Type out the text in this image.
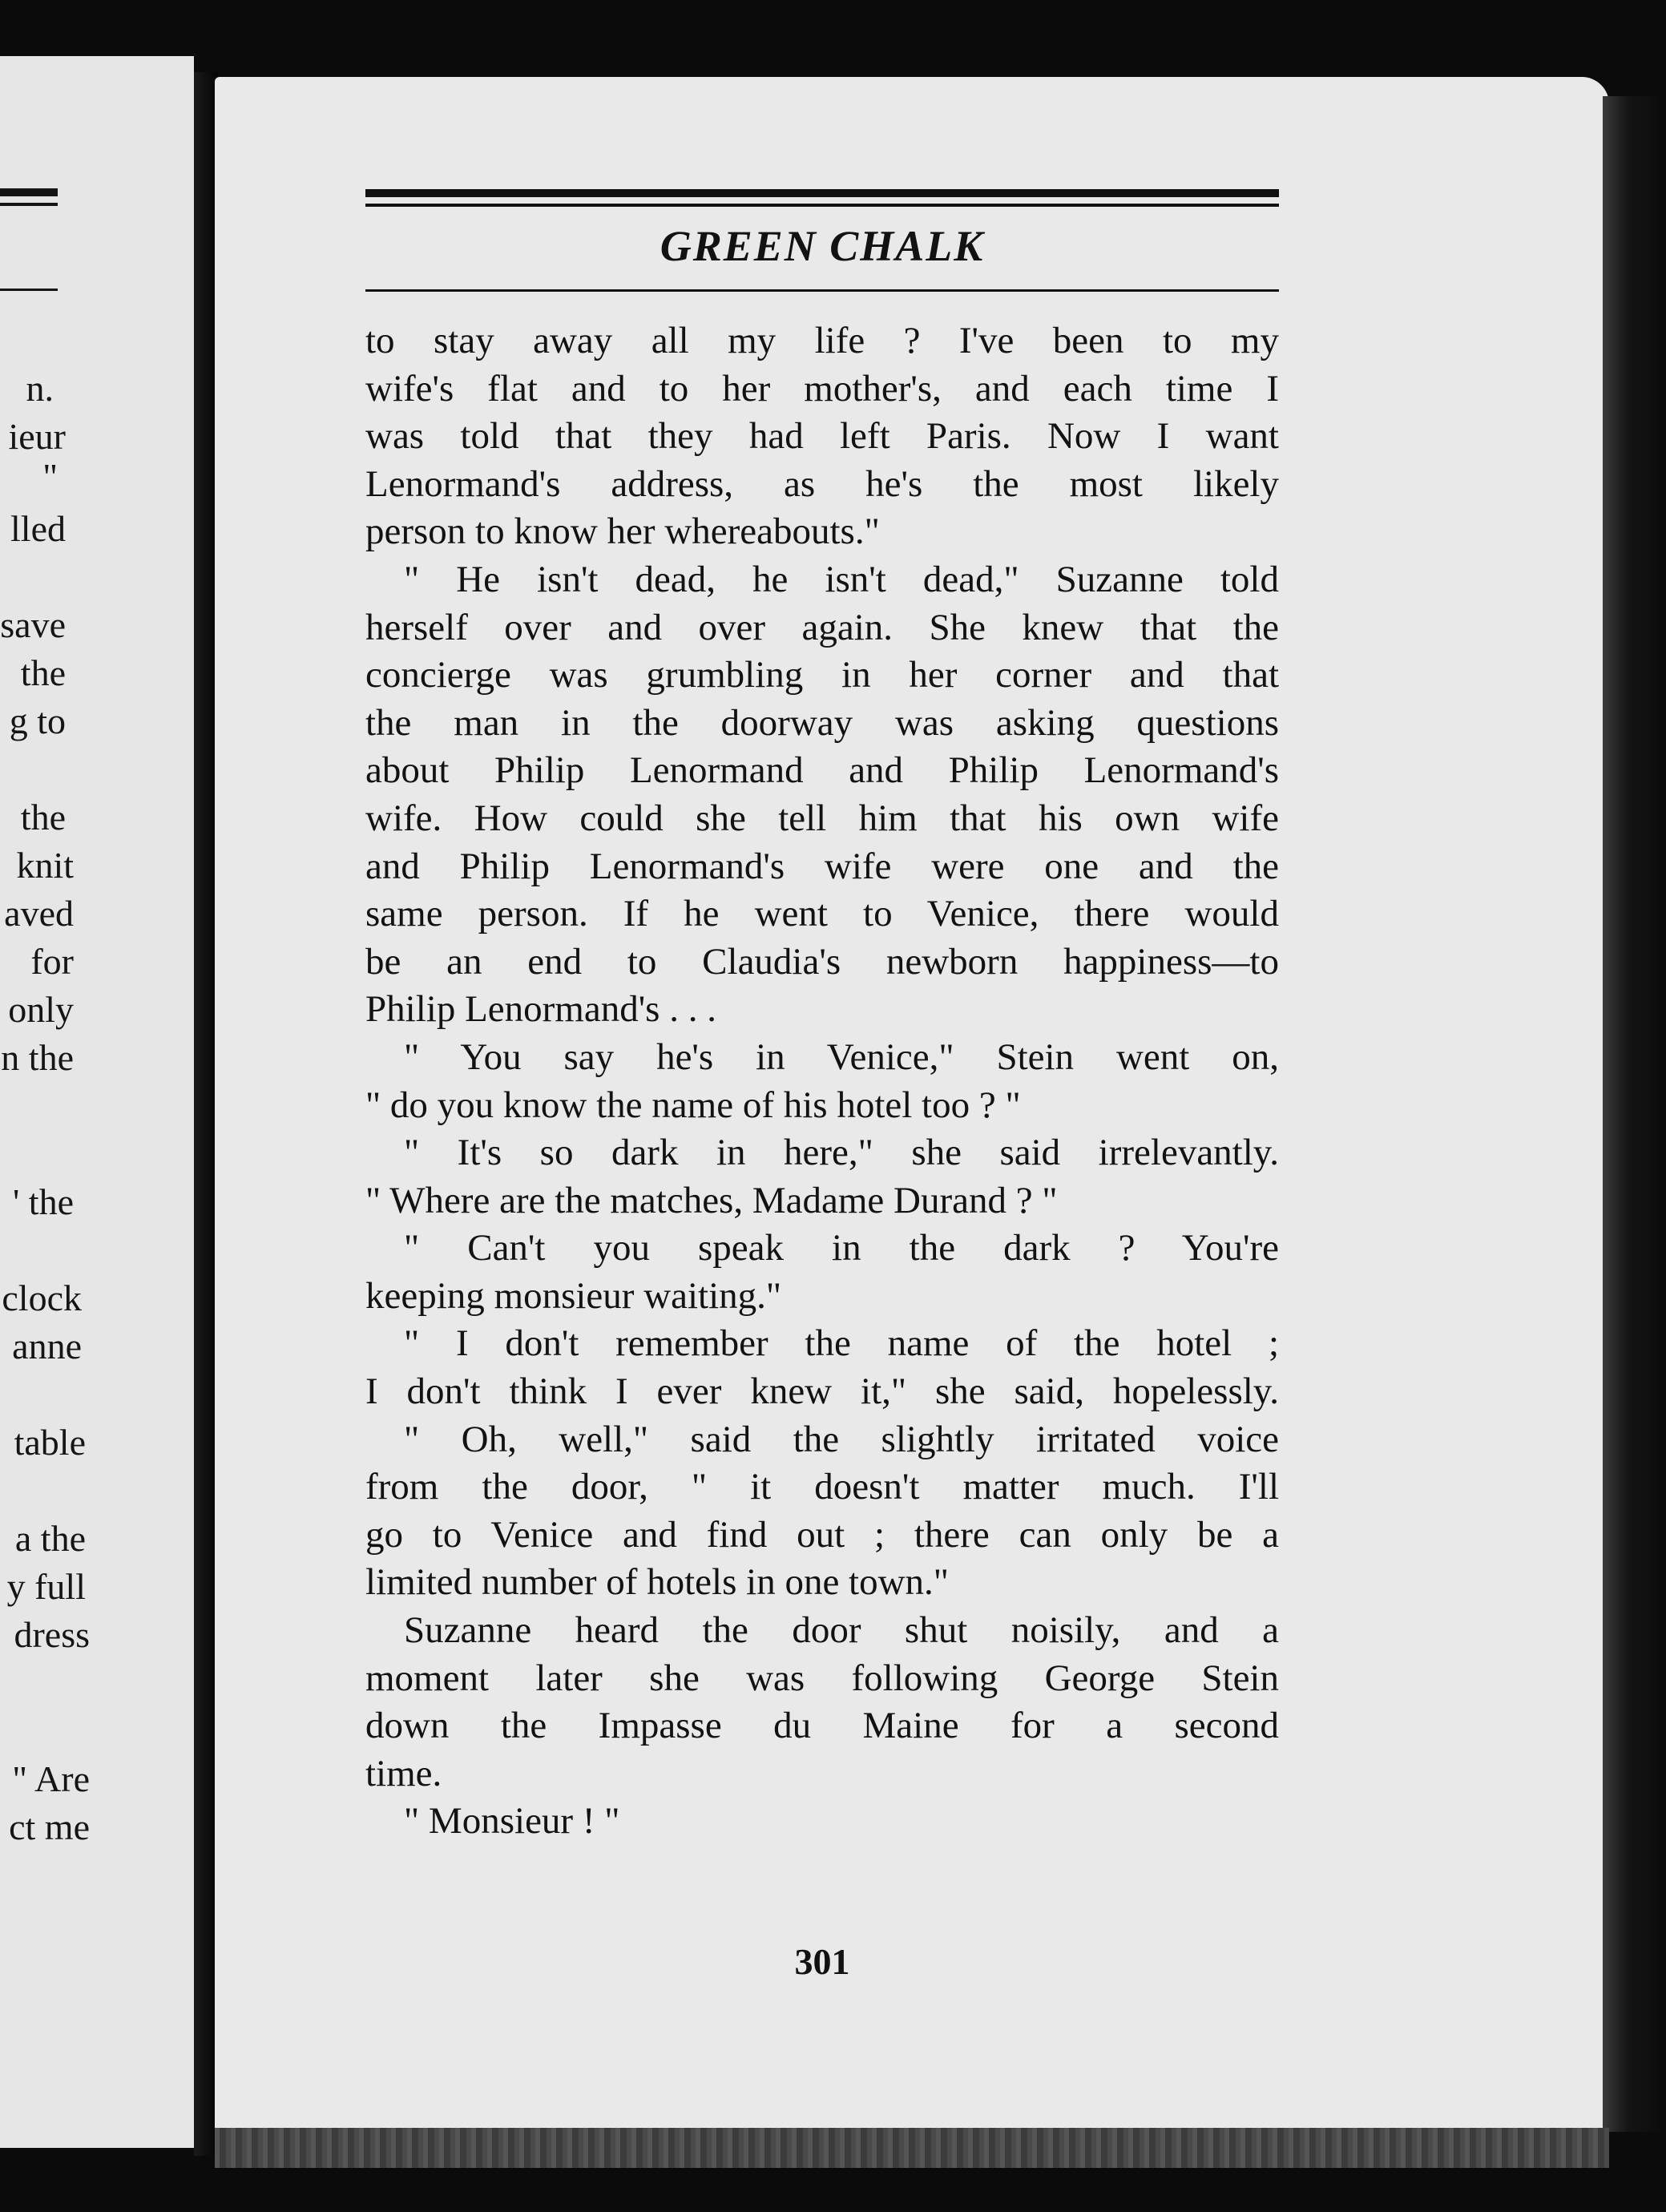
n.
ieur
"
lled
save
the
g to
the
knit
aved
for
only
n the
' the
clock
anne
table
a the
y full
dress
" Are
ct me
GREEN CHALK
to stay away all my life ? I've been to my
wife's flat and to her mother's, and each time I
was told that they had left Paris. Now I want
Lenormand's address, as he's the most likely
person to know her whereabouts."
" He isn't dead, he isn't dead," Suzanne told
herself over and over again. She knew that the
concierge was grumbling in her corner and that
the man in the doorway was asking questions
about Philip Lenormand and Philip Lenormand's
wife. How could she tell him that his own wife
and Philip Lenormand's wife were one and the
same person. If he went to Venice, there would
be an end to Claudia's newborn happiness—to
Philip Lenormand's . . .
" You say he's in Venice," Stein went on,
" do you know the name of his hotel too ? "
" It's so dark in here," she said irrelevantly.
" Where are the matches, Madame Durand ? "
" Can't you speak in the dark ? You're
keeping monsieur waiting."
" I don't remember the name of the hotel ;
I don't think I ever knew it," she said, hopelessly.
" Oh, well," said the slightly irritated voice
from the door, " it doesn't matter much. I'll
go to Venice and find out ; there can only be a
limited number of hotels in one town."
Suzanne heard the door shut noisily, and a
moment later she was following George Stein
down the Impasse du Maine for a second
time.
" Monsieur ! "
301
